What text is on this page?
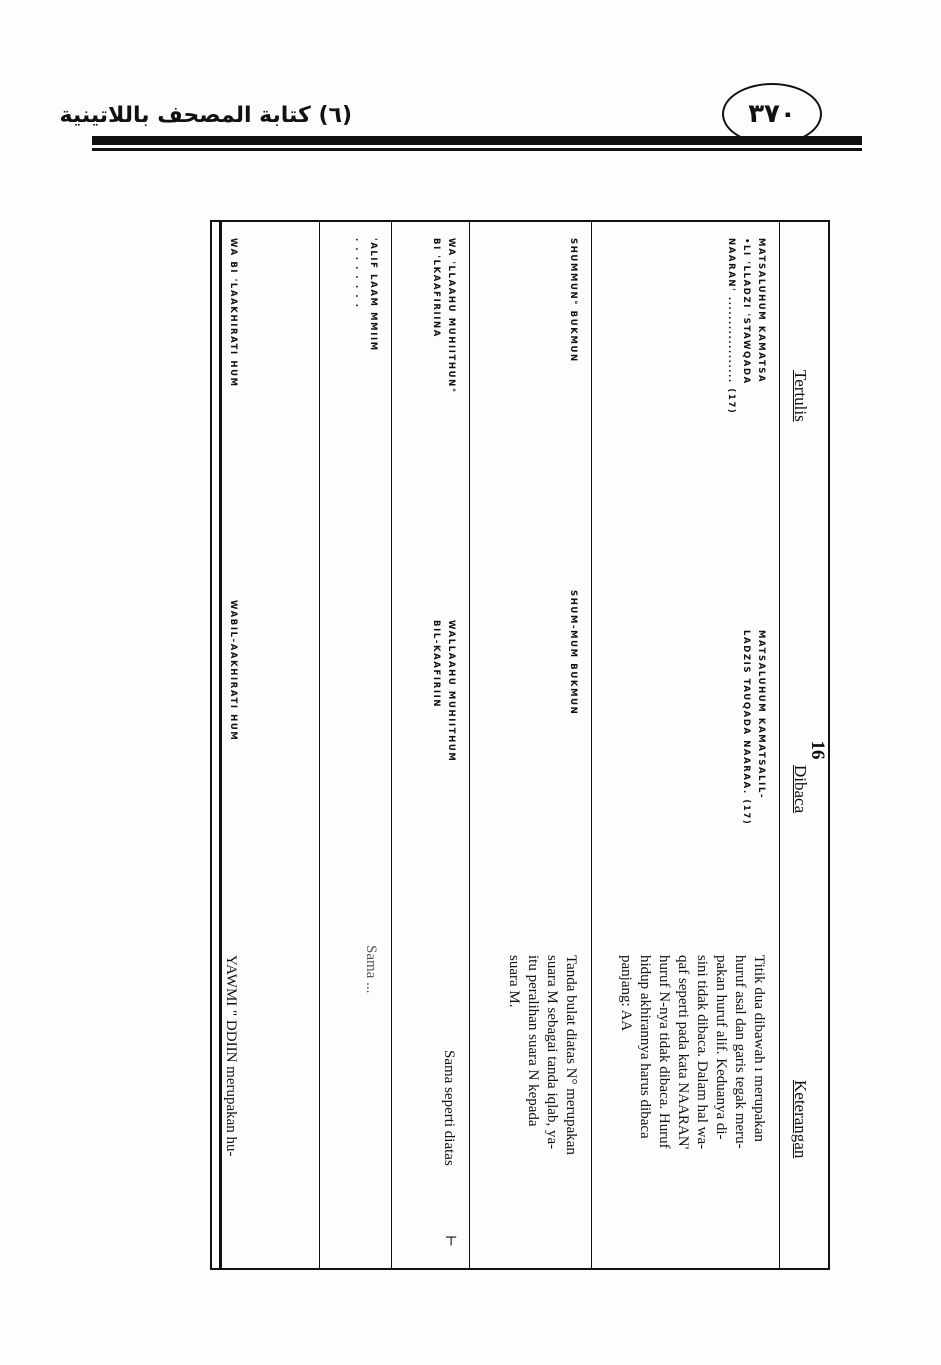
(٦) كتابة المصحف باللاتينية	٣٧٠
16
Tertulis
Dibaca
Keterangan
MATSALUHUM KAMATSA
•LI 'LLADZI 'STAWQADA
NAARAN' .................. (17)
MATSALUHUM KAMATSALIL-
LADZIS TAUQADA NAARAA. (17)
Titik dua dibawah ı merupakan
huruf asal dan garis tegak meru-
pakan huruf alif. Keduanya di-
sini tidak dibaca. Dalam hal wa-
qaf seperti pada kata NAARAN'
huruf N-nya tidak dibaca. Huruf
hidup akhirannya harus dibaca
panjang: AA
SHUMMUN° BUKMUN
SHUM-MUM BUKMUN
Tanda bulat diatas N° merupakan
suara M sebagai tanda iqlab, ya-
itu peralihan suara N kepada
suara M.
WA 'LLAAHU MUHIITHUN°
BI 'LKAAFIRIINA
WALLAAHU MUHIITHUM
BIL-KAAFIRIIN
Sama seperti diatas
⊢
'ALIF LAAM MMIIM
. . . . . . . .
Sama ...
WA BI 'LAAKHIRATI HUM
WABIL-AAKHIRATI HUM
YAWMI " DDIIN merupakan hu-
